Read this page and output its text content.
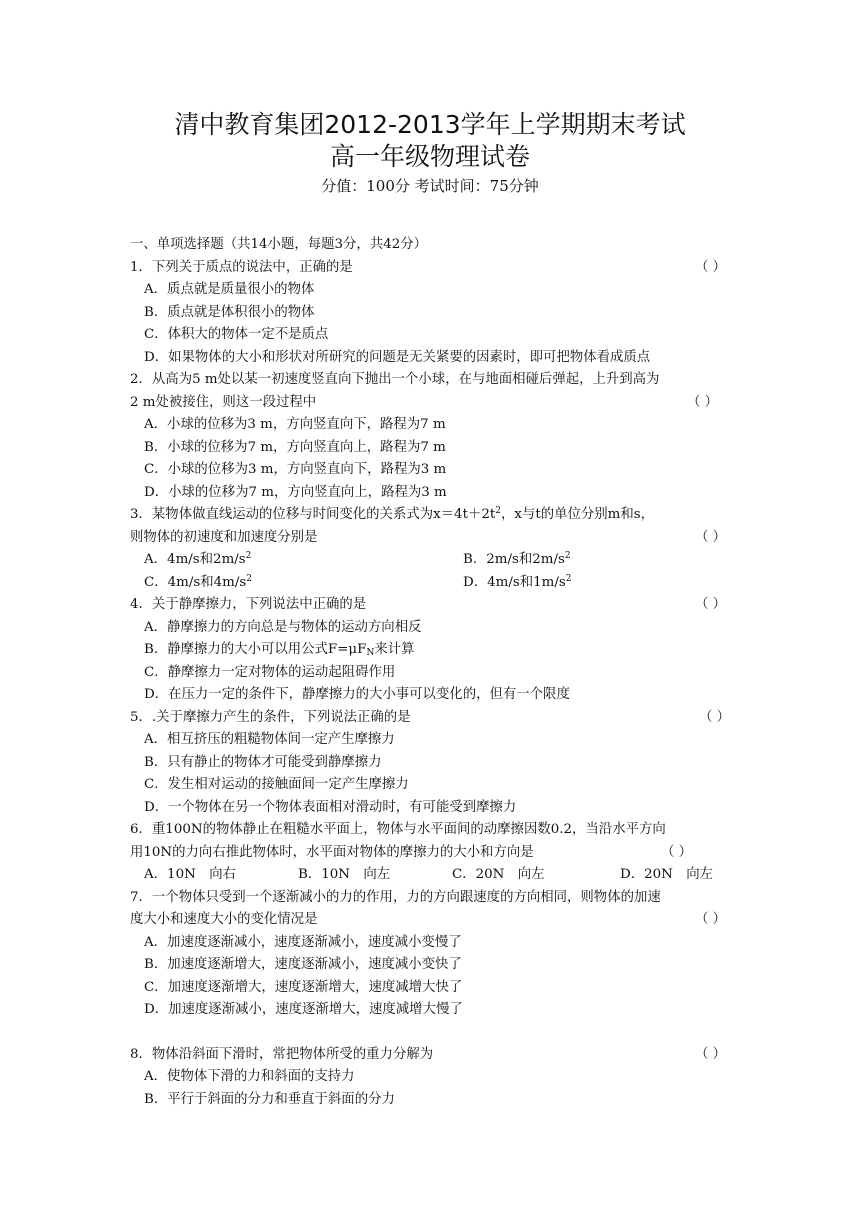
清中教育集团2012-2013学年上学期期末考试
高一年级物理试卷
分值：100分 考试时间：75分钟
一、单项选择题（共14小题，每题3分，共42分）
1．下列关于质点的说法中，正确的是	（ ）
A．质点就是质量很小的物体
B．质点就是体积很小的物体
C．体积大的物体一定不是质点
D．如果物体的大小和形状对所研究的问题是无关紧要的因素时，即可把物体看成质点
2．从高为5 m处以某一初速度竖直向下抛出一个小球，在与地面相碰后弹起，上升到高为
2 m处被接住，则这一段过程中	（ ）
A．小球的位移为3 m，方向竖直向下，路程为7 m
B．小球的位移为7 m，方向竖直向上，路程为7 m
C．小球的位移为3 m，方向竖直向下，路程为3 m
D．小球的位移为7 m，方向竖直向上，路程为3 m
3．某物体做直线运动的位移与时间变化的关系式为$x=4t+2t^2$，x与t的单位分别m和s，
则物体的初速度和加速度分别是	（ ）
A．4m/s和$2m/s^2$	B．2m/s和$2m/s^2$
C．4m/s和$4m/s^2$	D．4m/s和$1m/s^2$
4．关于静摩擦力，下列说法中正确的是	（ ）
A．静摩擦力的方向总是与物体的运动方向相反
B．静摩擦力的大小可以用公式$F=\mu F_N$来计算
C．静摩擦力一定对物体的运动起阻碍作用
D．在压力一定的条件下，静摩擦力的大小事可以变化的，但有一个限度
5．.关于摩擦力产生的条件，下列说法正确的是	（ ）
A．相互挤压的粗糙物体间一定产生摩擦力
B．只有静止的物体才可能受到静摩擦力
C．发生相对运动的接触面间一定产生摩擦力
D．一个物体在另一个物体表面相对滑动时，有可能受到摩擦力
6．重100N的物体静止在粗糙水平面上，物体与水平面间的动摩擦因数0.2，当沿水平方向
用10N的力向右推此物体时，水平面对物体的摩擦力的大小和方向是	（ ）
A．10N　向右	B．10N　向左	C．20N　向左	D．20N　向左
7．一个物体只受到一个逐渐减小的力的作用，力的方向跟速度的方向相同，则物体的加速
度大小和速度大小的变化情况是	（ ）
A．加速度逐渐减小，速度逐渐减小，速度减小变慢了
B．加速度逐渐增大，速度逐渐减小，速度减小变快了
C．加速度逐渐增大，速度逐渐增大，速度减增大快了
D．加速度逐渐减小，速度逐渐增大，速度减增大慢了
8．物体沿斜面下滑时，常把物体所受的重力分解为	（ ）
A．使物体下滑的力和斜面的支持力
B．平行于斜面的分力和垂直于斜面的分力
